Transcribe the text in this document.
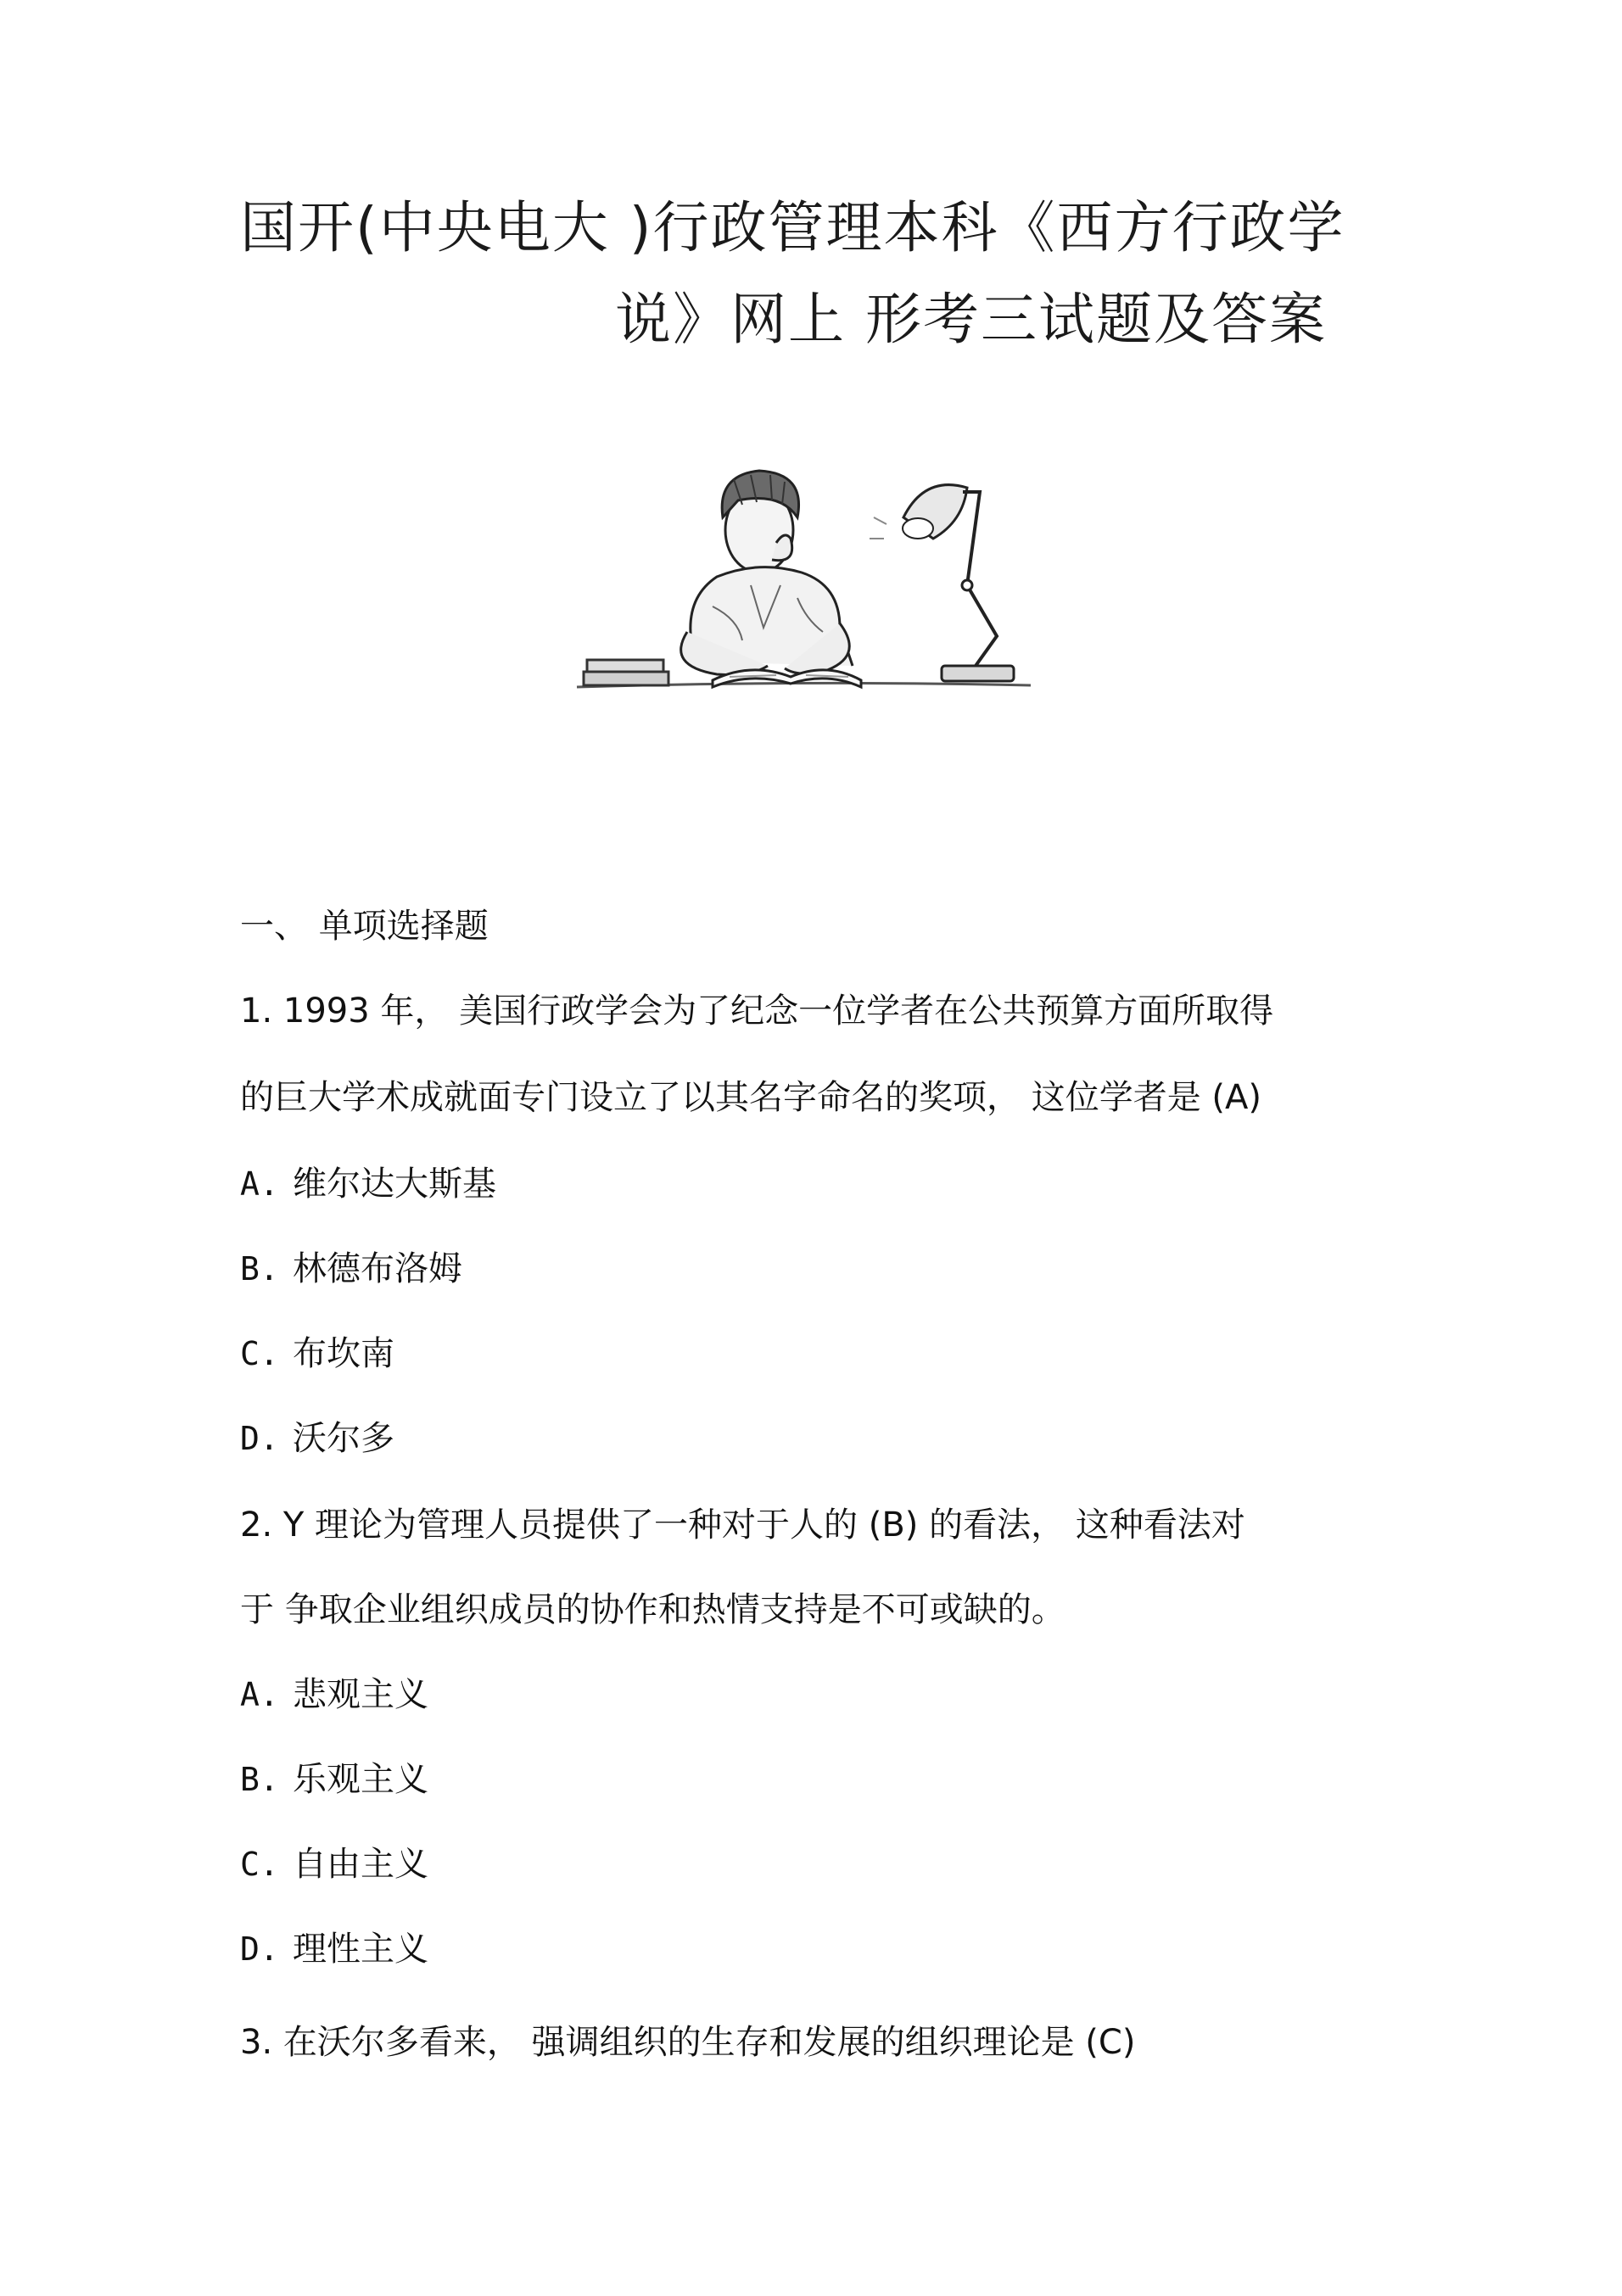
国开(中央电大 )行政管理本科《西方行政学
说》网上 形考三试题及答案
一、 单项选择题
1. 1993 年， 美国行政学会为了纪念一位学者在公共预算方面所取得
的巨大学术成就面专门设立了以其名字命名的奖项， 这位学者是 (A)
A. 维尔达大斯基
B. 林德布洛姆
C. 布坎南
D. 沃尔多
2. Y 理论为管理人员提供了一种对于人的 (B) 的看法， 这种看法对
于 争取企业组织成员的协作和热情支持是不可或缺的。
A. 悲观主义
B. 乐观主义
C. 自由主义
D. 理性主义
3. 在沃尔多看来， 强调组织的生存和发展的组织理论是 (C)
